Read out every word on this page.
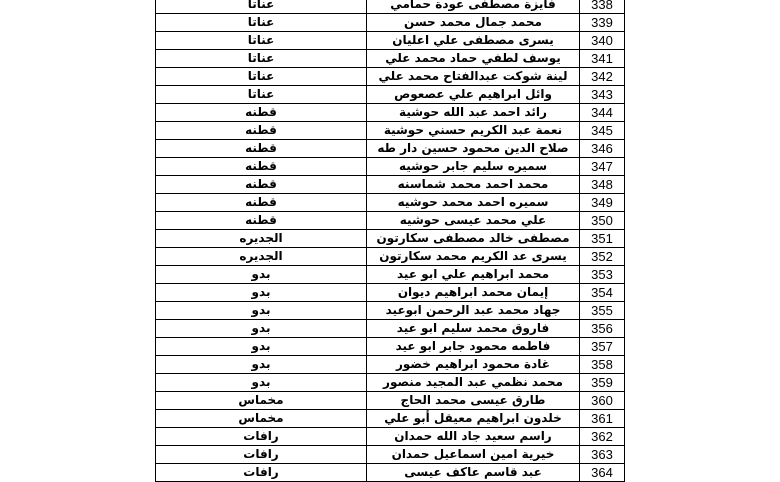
عناتا	فايزة مصطفى عودة حمامي	338
عناتا	محمد جمال محمد حسن	339
عناتا	يسرى مصطفى علي اعليان	340
عناتا	يوسف لطفي حماد محمد علي	341
عناتا	لينة شوكت عبدالفتاح محمد علي	342
عناتا	وائل ابراهيم علي عصعوص	343
قطنه	رائد احمد عبد الله حوشية	344
قطنه	نعمة عبد الكريم حسني حوشية	345
قطنه	صلاح الدين محمود حسين دار طه	346
قطنه	سميره سليم جابر حوشيه	347
قطنه	محمد احمد محمد شماسنه	348
قطنه	سميره احمد محمد حوشيه	349
قطنه	علي محمد عيسى حوشيه	350
الجديره	مصطفى خالد مصطفى سكارتون	351
الجديره	يسرى عد الكريم محمد سكارتون	352
بدو	محمد ابراهيم علي ابو عيد	353
بدو	إيمان محمد ابراهيم ديوان	354
بدو	جهاد محمد عبد الرحمن ابوعيد	355
بدو	فاروق محمد سليم ابو عيد	356
بدو	فاطمه محمود جابر ابو عيد	357
بدو	غادة محمود ابراهيم خضور	358
بدو	محمد نظمي عبد المجيد منصور	359
مخماس	طارق عيسى محمد الحاج	360
مخماس	خلدون ابراهيم معيقل أبو علي	361
رافات	راسم سعيد جاد الله حمدان	362
رافات	خيرية امين اسماعيل حمدان	363
رافات	عبد قاسم عاكف عيسى	364
